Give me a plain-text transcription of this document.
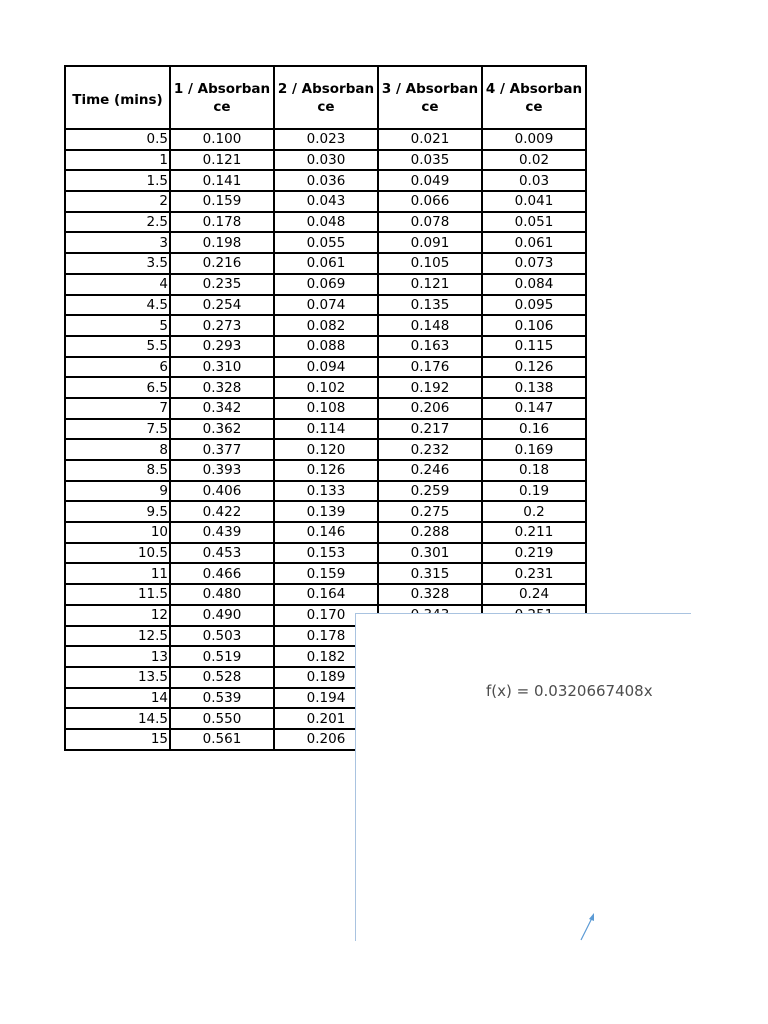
Time (mins)	1 / Absorbance	2 / Absorbance	3 / Absorbance	4 / Absorbance
0.5	0.100	0.023	0.021	0.009
1	0.121	0.030	0.035	0.02
1.5	0.141	0.036	0.049	0.03
2	0.159	0.043	0.066	0.041
2.5	0.178	0.048	0.078	0.051
3	0.198	0.055	0.091	0.061
3.5	0.216	0.061	0.105	0.073
4	0.235	0.069	0.121	0.084
4.5	0.254	0.074	0.135	0.095
5	0.273	0.082	0.148	0.106
5.5	0.293	0.088	0.163	0.115
6	0.310	0.094	0.176	0.126
6.5	0.328	0.102	0.192	0.138
7	0.342	0.108	0.206	0.147
7.5	0.362	0.114	0.217	0.16
8	0.377	0.120	0.232	0.169
8.5	0.393	0.126	0.246	0.18
9	0.406	0.133	0.259	0.19
9.5	0.422	0.139	0.275	0.2
10	0.439	0.146	0.288	0.211
10.5	0.453	0.153	0.301	0.219
11	0.466	0.159	0.315	0.231
11.5	0.480	0.164	0.328	0.24
12	0.490	0.170		
12.5	0.503	0.178		
13	0.519	0.182		
13.5	0.528	0.189		
14	0.539	0.194		
14.5	0.550	0.201		
15	0.561	0.206		
f(x) = 0.0320667408x
